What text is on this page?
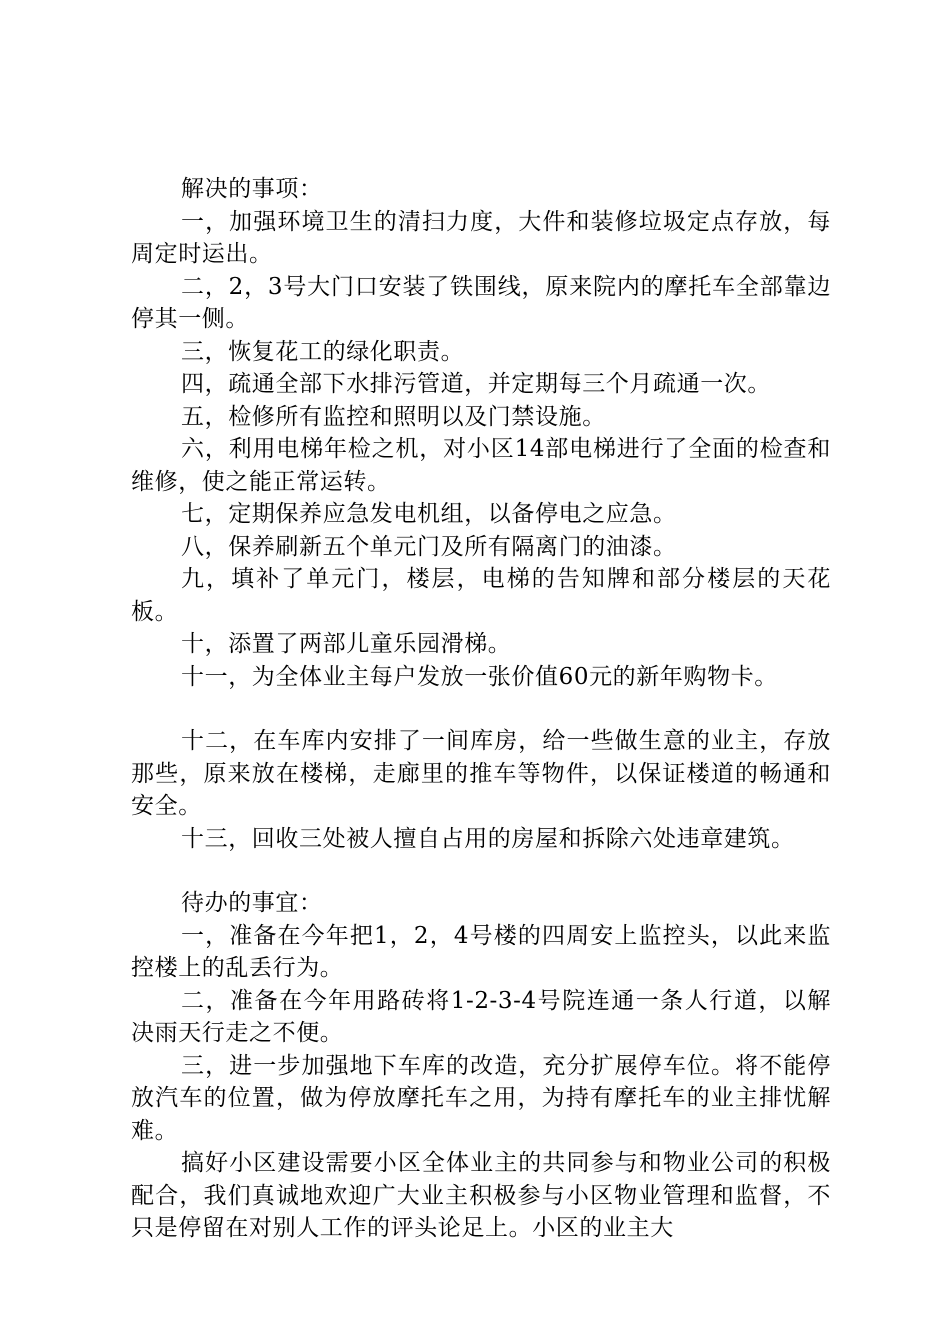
解决的事项：

一，加强环境卫生的清扫力度，大件和装修垃圾定点存放，每周定时运出。

二，2，3号大门口安装了铁围线，原来院内的摩托车全部靠边停其一侧。

三，恢复花工的绿化职责。

四，疏通全部下水排污管道，并定期每三个月疏通一次。

五，检修所有监控和照明以及门禁设施。

六，利用电梯年检之机，对小区14部电梯进行了全面的检查和维修，使之能正常运转。

七，定期保养应急发电机组，以备停电之应急。

八，保养刷新五个单元门及所有隔离门的油漆。

九，填补了单元门，楼层，电梯的告知牌和部分楼层的天花板。

十，添置了两部儿童乐园滑梯。

十一，为全体业主每户发放一张价值60元的新年购物卡。

十二，在车库内安排了一间库房，给一些做生意的业主，存放那些，原来放在楼梯，走廊里的推车等物件，以保证楼道的畅通和安全。

十三，回收三处被人擅自占用的房屋和拆除六处违章建筑。

待办的事宜：

一，准备在今年把1，2，4号楼的四周安上监控头，以此来监控楼上的乱丢行为。

二，准备在今年用路砖将1-2-3-4号院连通一条人行道，以解决雨天行走之不便。

三，进一步加强地下车库的改造，充分扩展停车位。将不能停放汽车的位置，做为停放摩托车之用，为持有摩托车的业主排忧解难。

搞好小区建设需要小区全体业主的共同参与和物业公司的积极配合，我们真诚地欢迎广大业主积极参与小区物业管理和监督，不只是停留在对别人工作的评头论足上。小区的业主大
